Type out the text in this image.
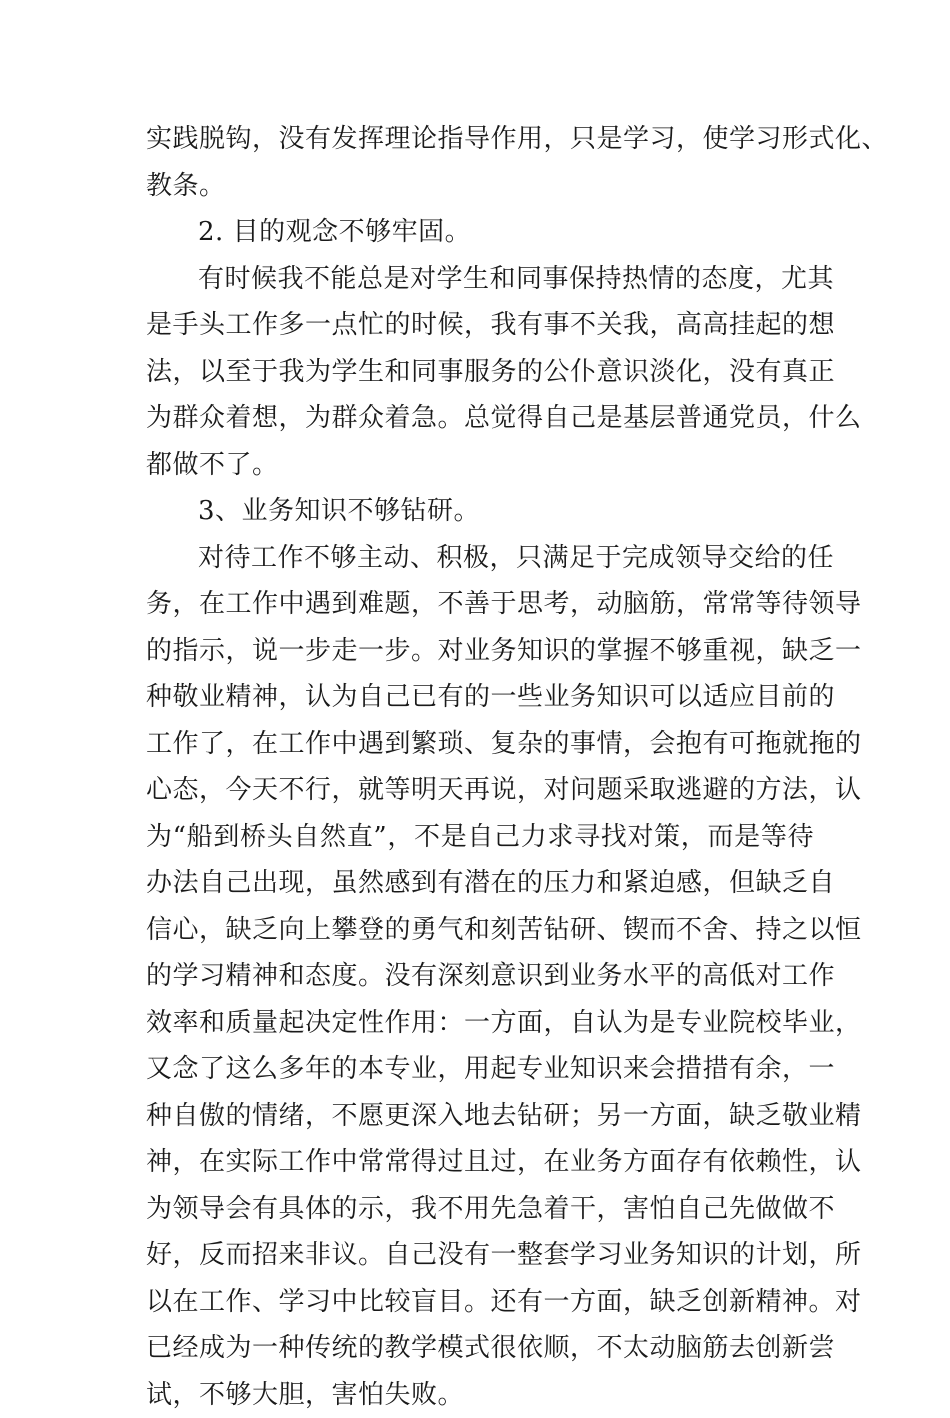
实践脱钩，没有发挥理论指导作用，只是学习，使学习形式化、
教条。
2. 目的观念不够牢固。
有时候我不能总是对学生和同事保持热情的态度，尤其
是手头工作多一点忙的时候，我有事不关我，高高挂起的想
法，以至于我为学生和同事服务的公仆意识淡化，没有真正
为群众着想，为群众着急。总觉得自己是基层普通党员，什么
都做不了。
3、业务知识不够钻研。
对待工作不够主动、积极，只满足于完成领导交给的任
务，在工作中遇到难题，不善于思考，动脑筋，常常等待领导
的指示，说一步走一步。对业务知识的掌握不够重视，缺乏一
种敬业精神，认为自己已有的一些业务知识可以适应目前的
工作了，在工作中遇到繁琐、复杂的事情，会抱有可拖就拖的
心态，今天不行，就等明天再说，对问题采取逃避的方法，认
为“船到桥头自然直”，不是自己力求寻找对策，而是等待
办法自己出现，虽然感到有潜在的压力和紧迫感，但缺乏自
信心，缺乏向上攀登的勇气和刻苦钻研、锲而不舍、持之以恒
的学习精神和态度。没有深刻意识到业务水平的高低对工作
效率和质量起决定性作用：一方面，自认为是专业院校毕业，
又念了这么多年的本专业，用起专业知识来会措措有余，一
种自傲的情绪，不愿更深入地去钻研；另一方面，缺乏敬业精
神，在实际工作中常常得过且过，在业务方面存有依赖性，认
为领导会有具体的示，我不用先急着干，害怕自己先做做不
好，反而招来非议。自己没有一整套学习业务知识的计划，所
以在工作、学习中比较盲目。还有一方面，缺乏创新精神。对
已经成为一种传统的教学模式很依顺，不太动脑筋去创新尝
试，不够大胆，害怕失败。
